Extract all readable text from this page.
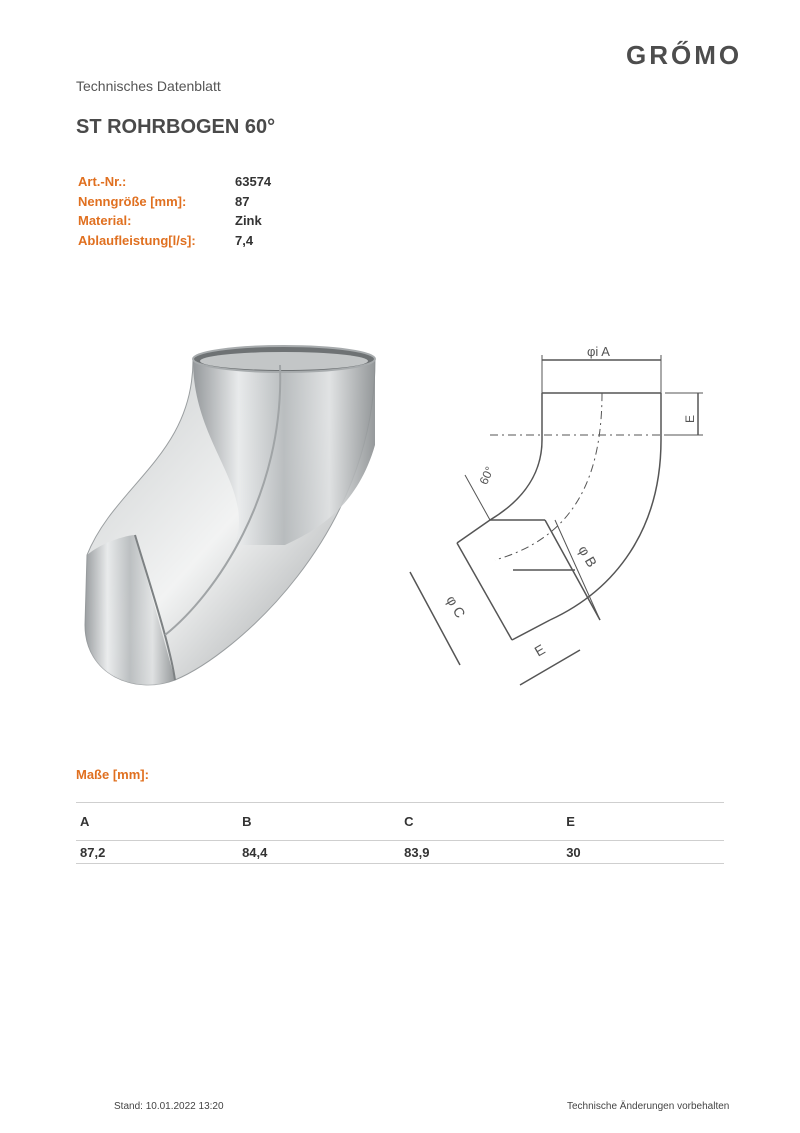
GRŐMO
Technisches Datenblatt
ST ROHRBOGEN 60°
Art.-Nr.:	63574
Nenngröße [mm]:	87
Material:	Zink
Ablaufleistung[l/s]:	7,4
φi A
E
60°
φ B
φ C
E
Maße [mm]:
A	B	C	E
87,2	84,4	83,9	30
Stand: 10.01.2022 13:20	Technische Änderungen vorbehalten
